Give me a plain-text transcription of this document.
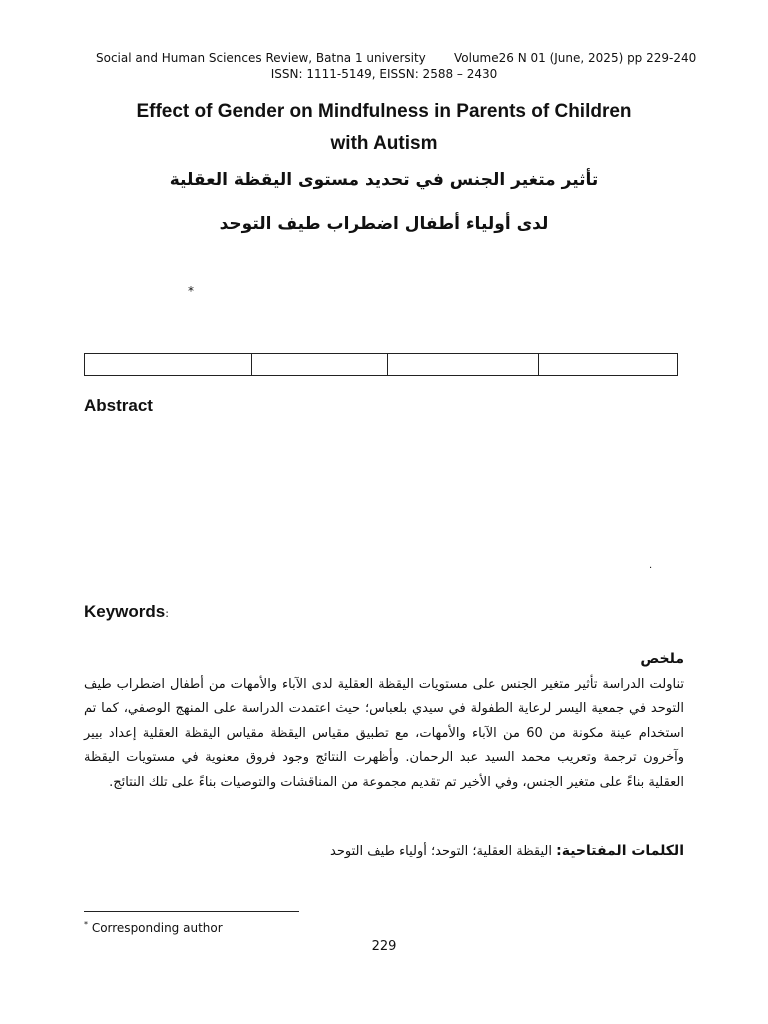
Social and Human Sciences Review, Batna 1 university Volume26 N 01 (June, 2025) pp 229-240
ISSN: 1111-5149, EISSN: 2588 – 2430
Effect of Gender on Mindfulness in Parents of Children
with Autism
تأثير متغير الجنس في تحديد مستوى اليقظة العقلية
لدى أولياء أطفال اضطراب طيف التوحد
*

Abstract
.
Keywords:
ملخص
تناولت الدراسة تأثير متغير الجنس على مستويات اليقظة العقلية لدى الآباء والأمهات من أطفال اضطراب طيف التوحد في جمعية اليسر لرعاية الطفولة في سيدي بلعباس؛ حيث اعتمدت الدراسة على المنهج الوصفي، كما تم استخدام عينة مكونة من 60 من الآباء والأمهات، مع تطبيق مقياس اليقظة مقياس اليقظة العقلية إعداد بيير وآخرون ترجمة وتعريب محمد السيد عبد الرحمان. وأظهرت النتائج وجود فروق معنوية في مستويات اليقظة العقلية بناءً على متغير الجنس، وفي الأخير تم تقديم مجموعة من المناقشات والتوصيات بناءً على تلك النتائج.
الكلمات المفتاحية: اليقظة العقلية؛ التوحد؛ أولياء طيف التوحد
* Corresponding author
229
